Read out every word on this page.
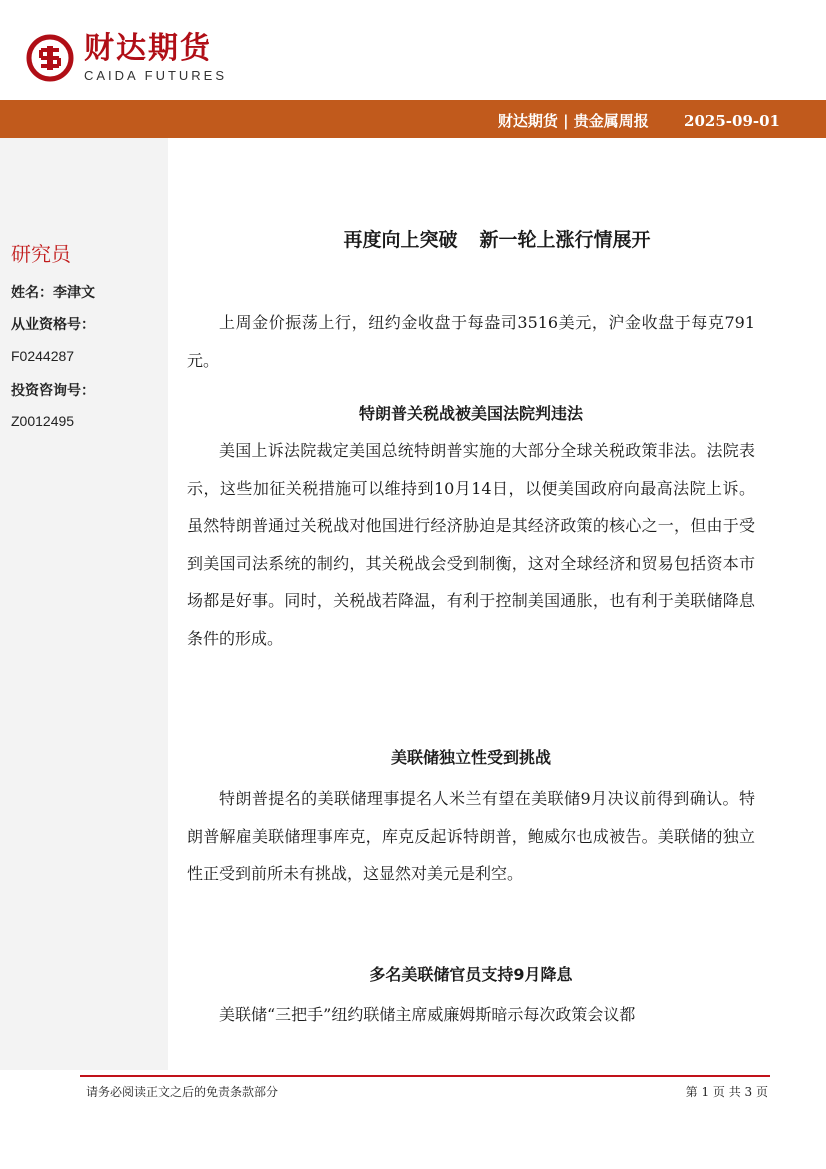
财达期货
CAIDA FUTURES
财达期货 | 贵金属周报 2025-09-01
研究员
姓名：李津文
从业资格号：
F0244287
投资咨询号：
Z0012495
再度向上突破 新一轮上涨行情展开
上周金价振荡上行，纽约金收盘于每盎司3516美元，沪金收盘于每克791元。
特朗普关税战被美国法院判违法
美国上诉法院裁定美国总统特朗普实施的大部分全球关税政策非法。法院表示，这些加征关税措施可以维持到10月14日，以便美国政府向最高法院上诉。虽然特朗普通过关税战对他国进行经济胁迫是其经济政策的核心之一，但由于受到美国司法系统的制约，其关税战会受到制衡，这对全球经济和贸易包括资本市场都是好事。同时，关税战若降温，有利于控制美国通胀，也有利于美联储降息条件的形成。
美联储独立性受到挑战
特朗普提名的美联储理事提名人米兰有望在美联储9月决议前得到确认。特朗普解雇美联储理事库克，库克反起诉特朗普，鲍威尔也成被告。美联储的独立性正受到前所未有挑战，这显然对美元是利空。
多名美联储官员支持9月降息
美联储“三把手”纽约联储主席威廉姆斯暗示每次政策会议都
请务必阅读正文之后的免责条款部分	第 1 页 共 3 页
